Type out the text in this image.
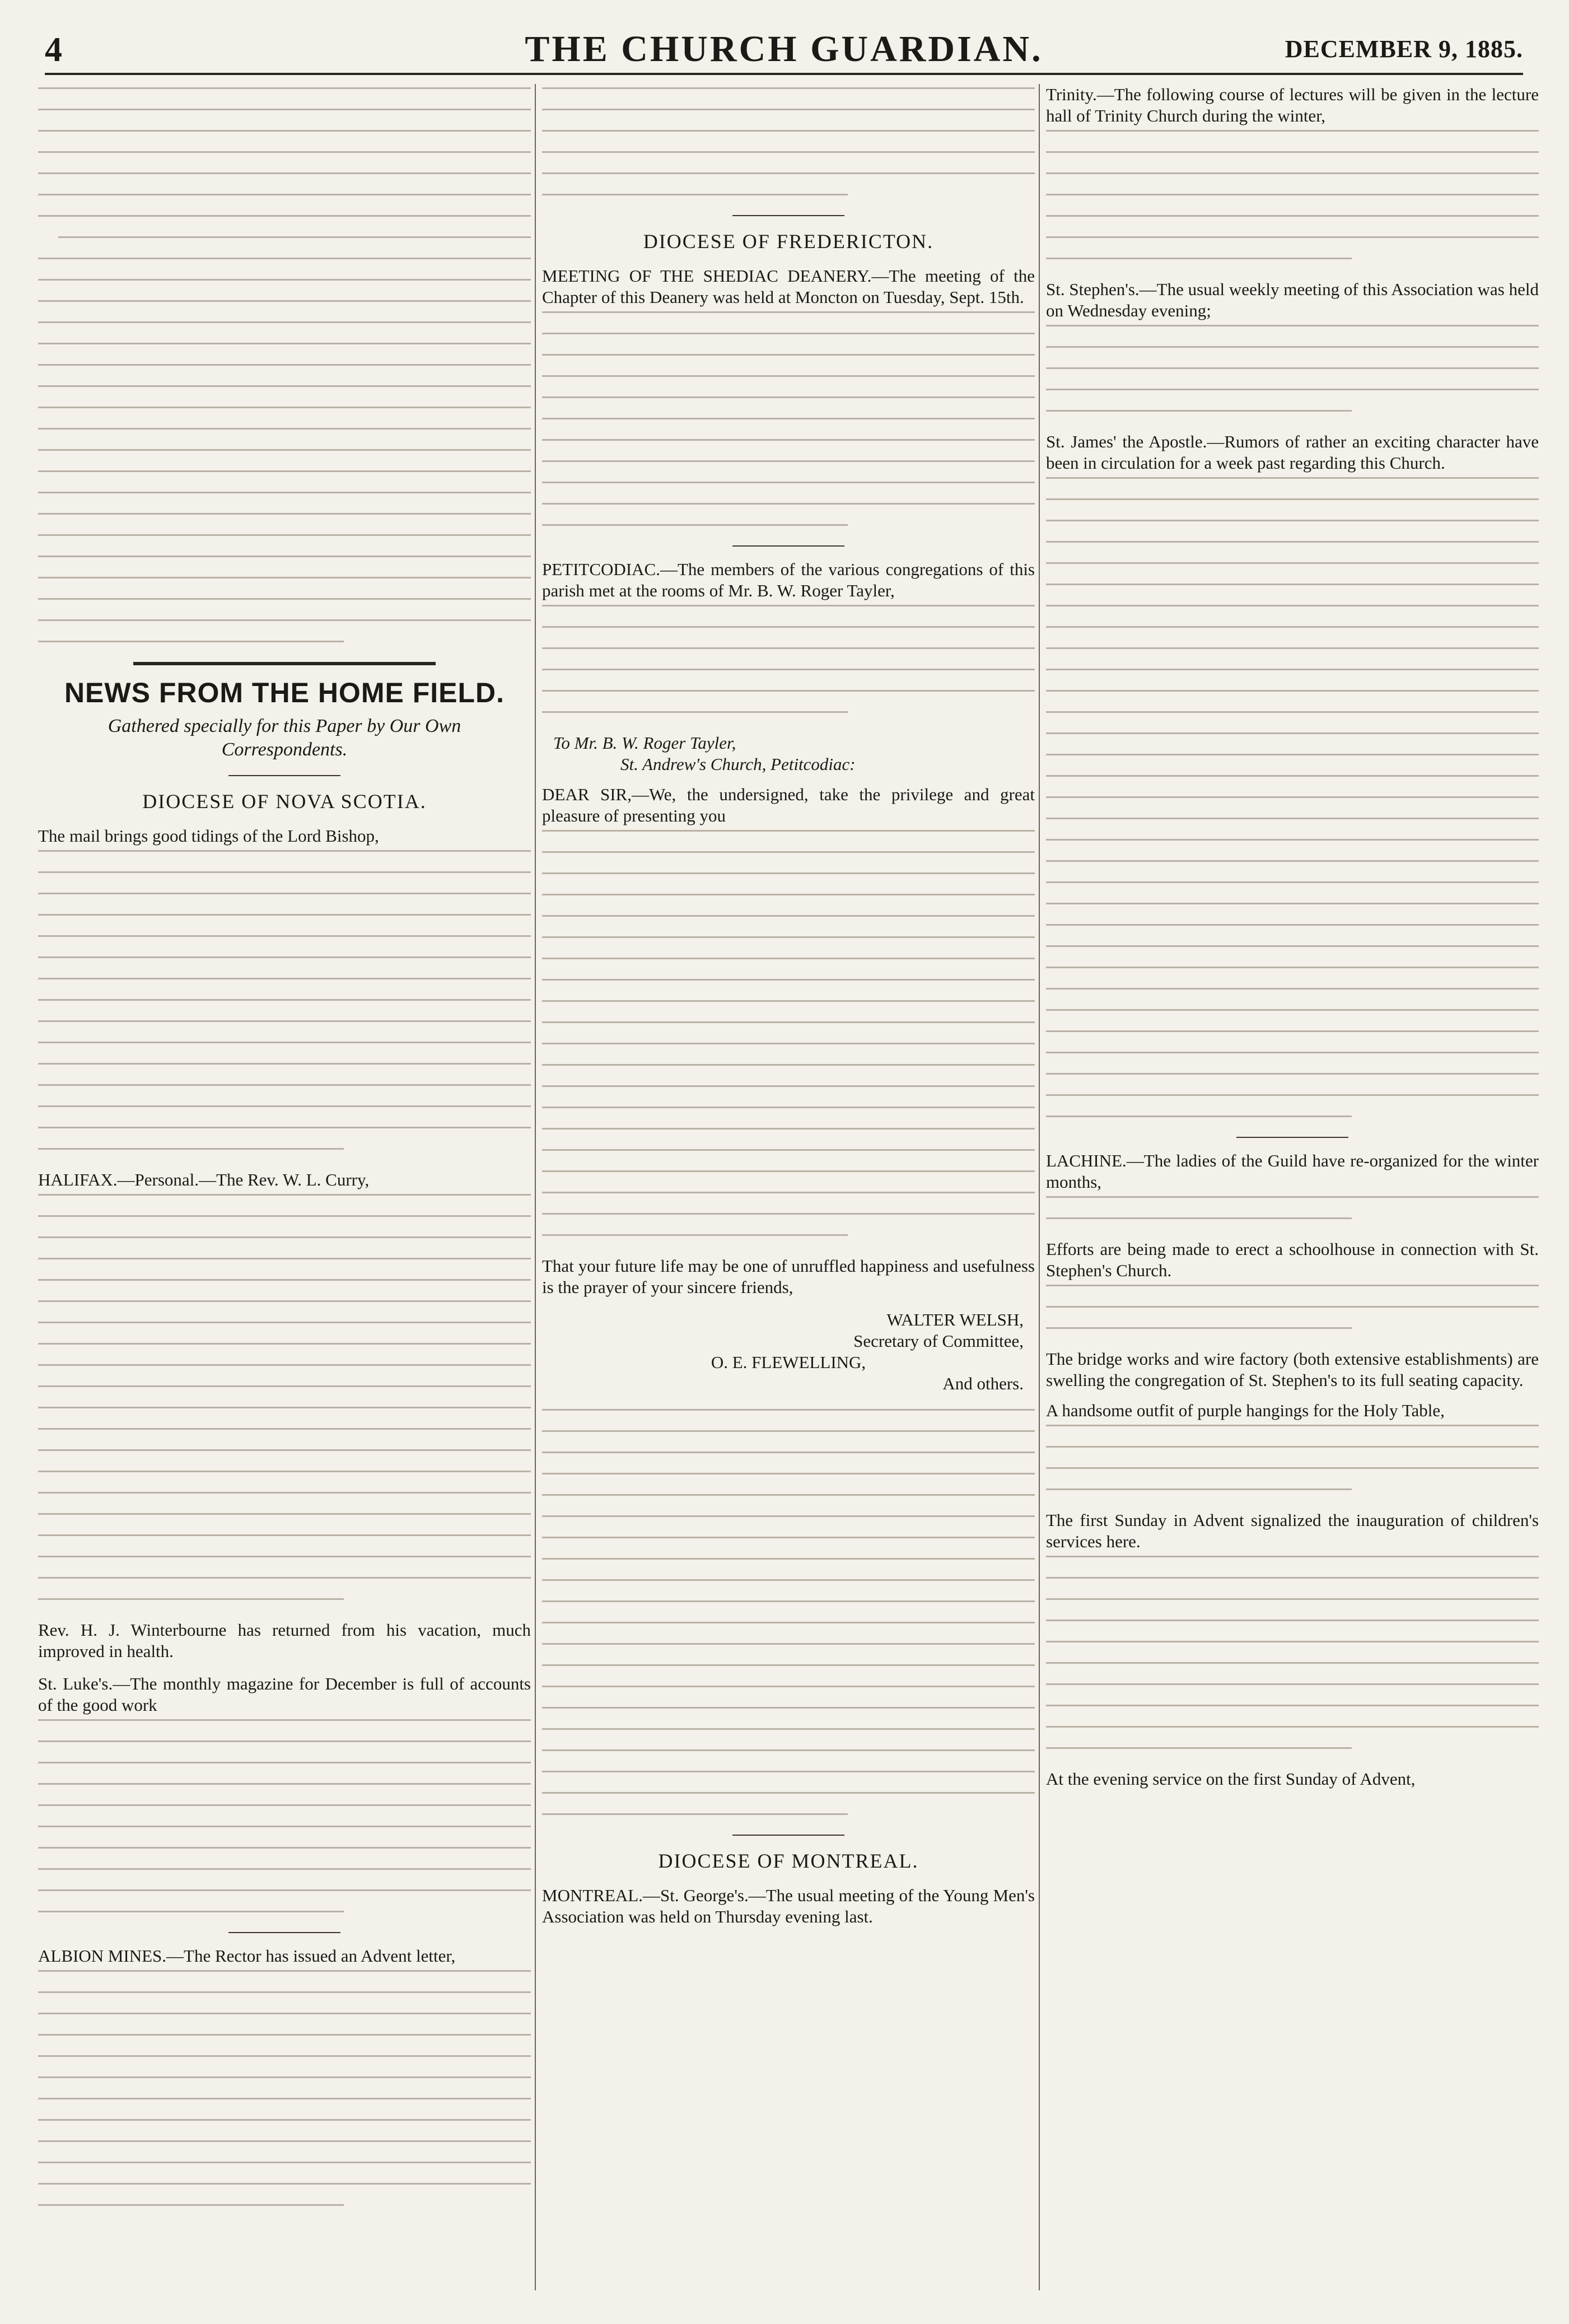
4	THE CHURCH GUARDIAN.	DECEMBER 9, 1885.
NEWS FROM THE HOME FIELD.
Gathered specially for this Paper by Our Own Correspondents.
DIOCESE OF NOVA SCOTIA.
The mail brings good tidings of the Lord Bishop,
HALIFAX.—Personal.—The Rev. W. L. Curry,
Rev. H. J. Winterbourne has returned from his vacation, much improved in health.
St. Luke's.—The monthly magazine for December is full of accounts of the good work
ALBION MINES.—The Rector has issued an Advent letter,
DIOCESE OF FREDERICTON.
MEETING OF THE SHEDIAC DEANERY.—The meeting of the Chapter of this Deanery was held at Moncton on Tuesday, Sept. 15th.
PETITCODIAC.—The members of the various congregations of this parish met at the rooms of Mr. B. W. Roger Tayler,
To Mr. B. W. Roger Tayler,
St. Andrew's Church, Petitcodiac:
DEAR SIR,—We, the undersigned, take the privilege and great pleasure of presenting you
That your future life may be one of unruffled happiness and usefulness is the prayer of your sincere friends,
WALTER WELSH,
Secretary of Committee,
O. E. FLEWELLING,
And others.
DIOCESE OF MONTREAL.
MONTREAL.—St. George's.—The usual meeting of the Young Men's Association was held on Thursday evening last.
Trinity.—The following course of lectures will be given in the lecture hall of Trinity Church during the winter,
St. Stephen's.—The usual weekly meeting of this Association was held on Wednesday evening;
St. James' the Apostle.—Rumors of rather an exciting character have been in circulation for a week past regarding this Church.
LACHINE.—The ladies of the Guild have re-organized for the winter months,
Efforts are being made to erect a schoolhouse in connection with St. Stephen's Church.
The bridge works and wire factory (both extensive establishments) are swelling the congregation of St. Stephen's to its full seating capacity.
A handsome outfit of purple hangings for the Holy Table,
The first Sunday in Advent signalized the inauguration of children's services here.
At the evening service on the first Sunday of Advent,
